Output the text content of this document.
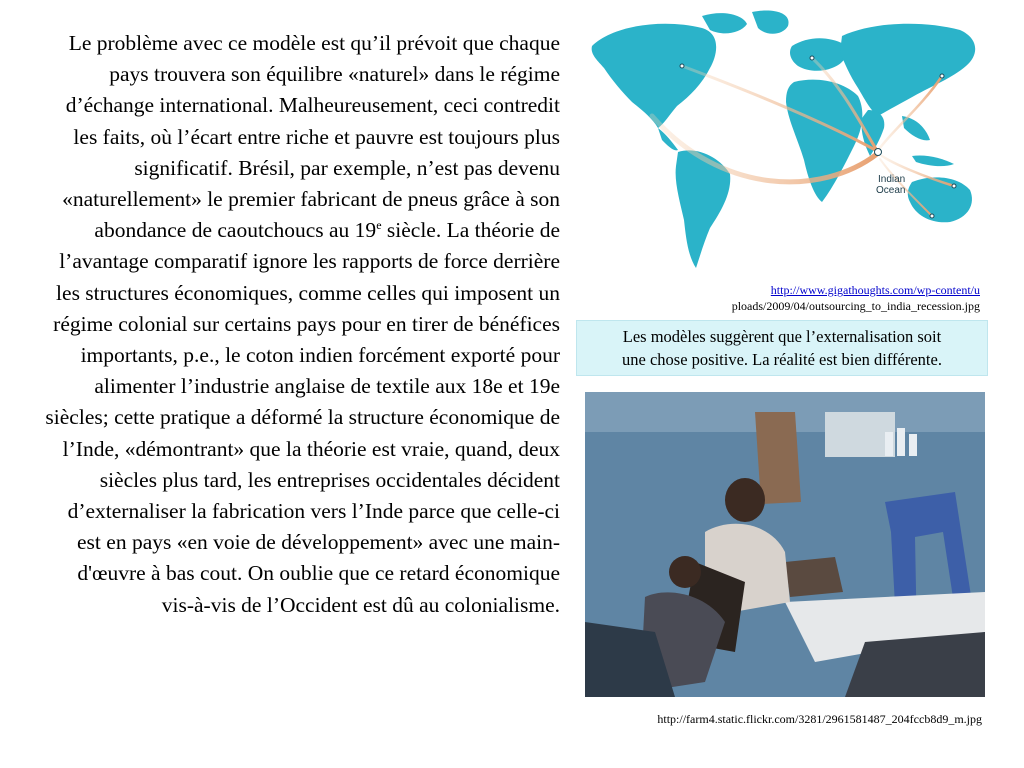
Le problème avec ce modèle est qu’il prévoit que chaque pays trouvera son équilibre «naturel» dans le régime d’échange international. Malheureusement, ceci contredit les faits, où l’écart entre riche et pauvre est toujours plus significatif. Brésil, par exemple, n’est pas devenu «naturellement» le premier fabricant de pneus grâce à son abondance de caoutchoucs au 19e siècle. La théorie de l’avantage comparatif ignore les rapports de force derrière les structures économiques, comme celles qui imposent un régime colonial sur certains pays pour en tirer de bénéfices importants, p.e., le coton indien forcément exporté pour alimenter l’industrie anglaise de textile aux 18e et 19e siècles; cette pratique a déformé la structure économique de l’Inde, «démontrant» que la théorie est vraie, quand, deux siècles plus tard, les entreprises occidentales décident d’externaliser la fabrication vers l’Inde parce que celle-ci est en pays «en voie de développement» avec une main-d'œuvre à bas cout. On oublie que ce retard économique vis-à-vis de l’Occident est dû au colonialisme.
Indian
Ocean
http://www.gigathoughts.com/wp-content/u
ploads/2009/04/outsourcing_to_india_recession.jpg
Les modèles suggèrent que l’externalisation soit
une chose positive. La réalité est bien différente.
http://farm4.static.flickr.com/3281/2961581487_204fccb8d9_m.jpg
